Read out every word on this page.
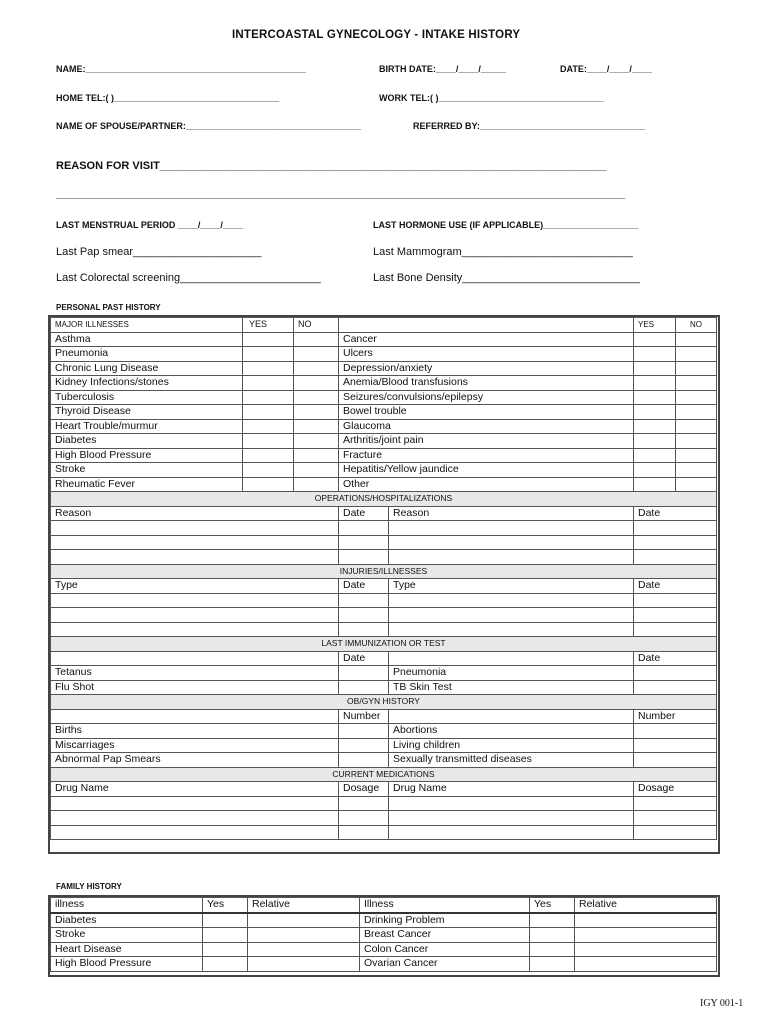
INTERCOASTAL GYNECOLOGY - INTAKE HISTORY
NAME:____________________________________________	BIRTH DATE:____/____/_____	DATE:____/____/____
HOME TEL:( )_________________________________	WORK TEL:( )_________________________________
NAME OF SPOUSE/PARTNER:___________________________________	REFERRED BY:_________________________________
REASON FOR VISIT_________________________________________________________________________
_____________________________________________________________________________________________
LAST MENSTRUAL PERIOD ____/____/____	LAST HORMONE USE (IF APPLICABLE)___________________
Last Pap smear_____________________	Last Mammogram____________________________
Last Colorectal screening_______________________	Last Bone Density_____________________________
PERSONAL PAST HISTORY
MAJOR ILLNESSES	YES	NO			YES	NO
Asthma			Cancer			
Pneumonia			Ulcers			
Chronic Lung Disease			Depression/anxiety			
Kidney Infections/stones			Anemia/Blood transfusions			
Tuberculosis			Seizures/convulsions/epilepsy			
Thyroid Disease			Bowel trouble			
Heart Trouble/murmur			Glaucoma			
Diabetes			Arthritis/joint pain			
High Blood Pressure			Fracture			
Stroke			Hepatitis/Yellow jaundice			
Rheumatic Fever			Other			
OPERATIONS/HOSPITALIZATIONS						
Reason			Date	Reason	Date	

INJURIES/ILLNESSES						
Type			Date	Type	Date	

LAST IMMUNIZATION OR TEST						
			Date		Date	
Tetanus				Pneumonia		
Flu Shot				TB Skin Test		
OB/GYN HISTORY						
			Number		Number	
Births				Abortions		
Miscarriages				Living children		
Abnormal Pap Smears				Sexually transmitted diseases		
CURRENT MEDICATIONS						
Drug Name			Dosage	Drug Name	Dosage	

FAMILY HISTORY
illness	Yes	Relative	Illness	Yes	Relative
Diabetes			Drinking Problem		
Stroke			Breast Cancer		
Heart Disease			Colon Cancer		
High Blood Pressure			Ovarian Cancer		
IGY 001-1
